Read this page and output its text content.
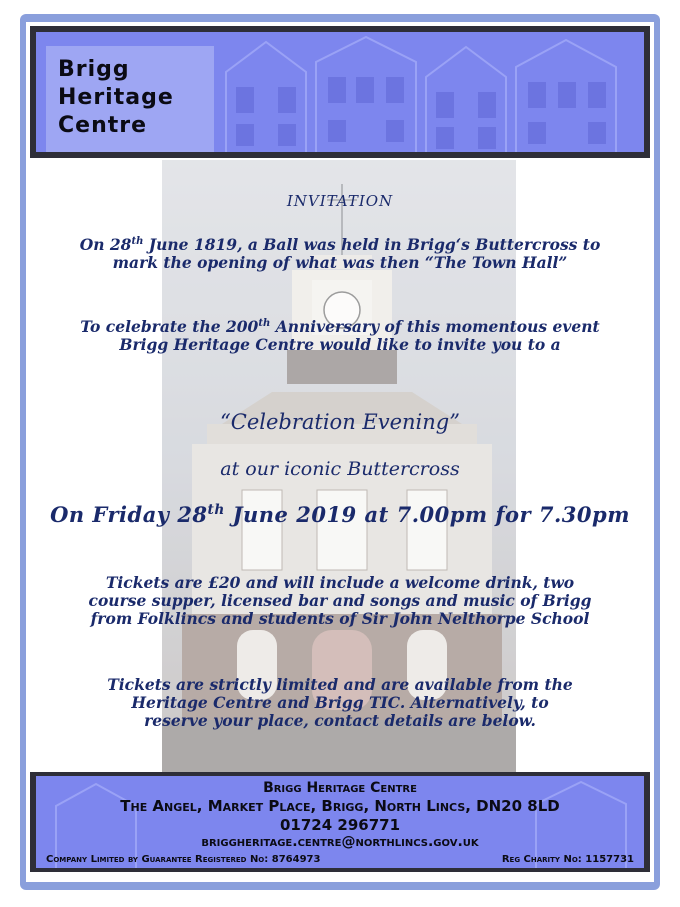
Brigg
Heritage
Centre
INVITATION
On 28th June 1819, a Ball was held in Brigg‘s Buttercross to
mark the opening of what was then “The Town Hall”
To celebrate the 200th Anniversary of this momentous event
Brigg Heritage Centre would like to invite you to a
“Celebration Evening”
at our iconic Buttercross
On Friday 28th June 2019 at 7.00pm for 7.30pm
Tickets are £20 and will include a welcome drink, two
course supper, licensed bar and songs and music of Brigg
from Folklincs and students of Sir John Nelthorpe School
Tickets are strictly limited and are available from the
Heritage Centre and Brigg TIC. Alternatively, to
reserve your place, contact details are below.
Brigg Heritage Centre
The Angel, Market Place, Brigg, North Lincs, DN20 8LD
01724 296771
briggheritage.centre@northlincs.gov.uk
Company Limited by Guarantee Registered No: 8764973	Reg Charity No: 1157731
